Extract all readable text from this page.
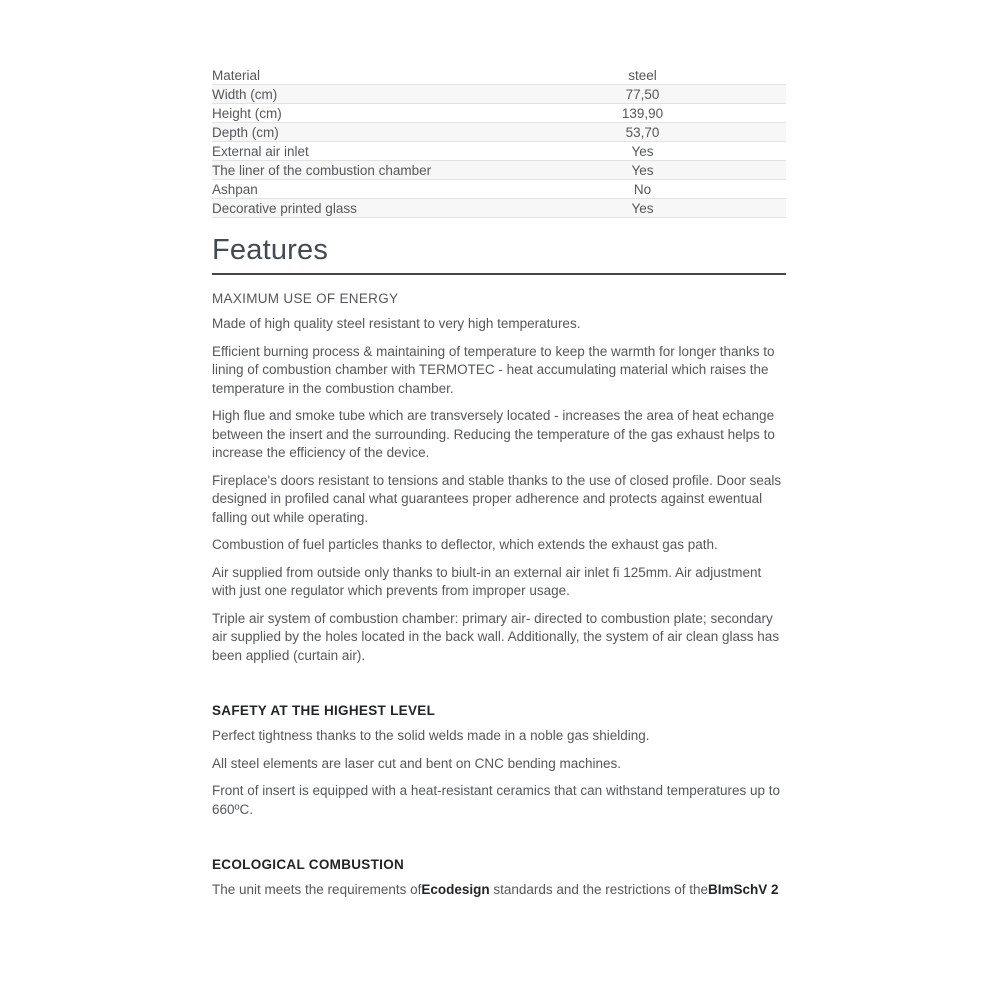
Material	steel
Width (cm)	77,50
Height (cm)	139,90
Depth (cm)	53,70
External air inlet	Yes
The liner of the combustion chamber	Yes
Ashpan	No
Decorative printed glass	Yes
Features

MAXIMUM USE OF ENERGY

Made of high quality steel resistant to very high temperatures.

Efficient burning process & maintaining of temperature to keep the warmth for longer thanks to lining of combustion chamber with TERMOTEC - heat accumulating material which raises the temperature in the combustion chamber.

High flue and smoke tube which are transversely located - increases the area of heat echange between the insert and the surrounding. Reducing the temperature of the gas exhaust helps to increase the efficiency of the device.

Fireplace's doors resistant to tensions and stable thanks to the use of closed profile. Door seals designed in profiled canal what guarantees proper adherence and protects against ewentual falling out while operating.

Combustion of fuel particles thanks to deflector, which extends the exhaust gas path.

Air supplied from outside only thanks to biult-in an external air inlet fi 125mm. Air adjustment with just one regulator which prevents from improper usage.

Triple air system of combustion chamber: primary air- directed to combustion plate; secondary air supplied by the holes located in the back wall. Additionally, the system of air clean glass has been applied (curtain air).

SAFETY AT THE HIGHEST LEVEL

Perfect tightness thanks to the solid welds made in a noble gas shielding.

All steel elements are laser cut and bent on CNC bending machines.

Front of insert is equipped with a heat-resistant ceramics that can withstand temperatures up to 660ºC.

ECOLOGICAL COMBUSTION

The unit meets the requirements ofEcodesign standards and the restrictions of theBImSchV 2
